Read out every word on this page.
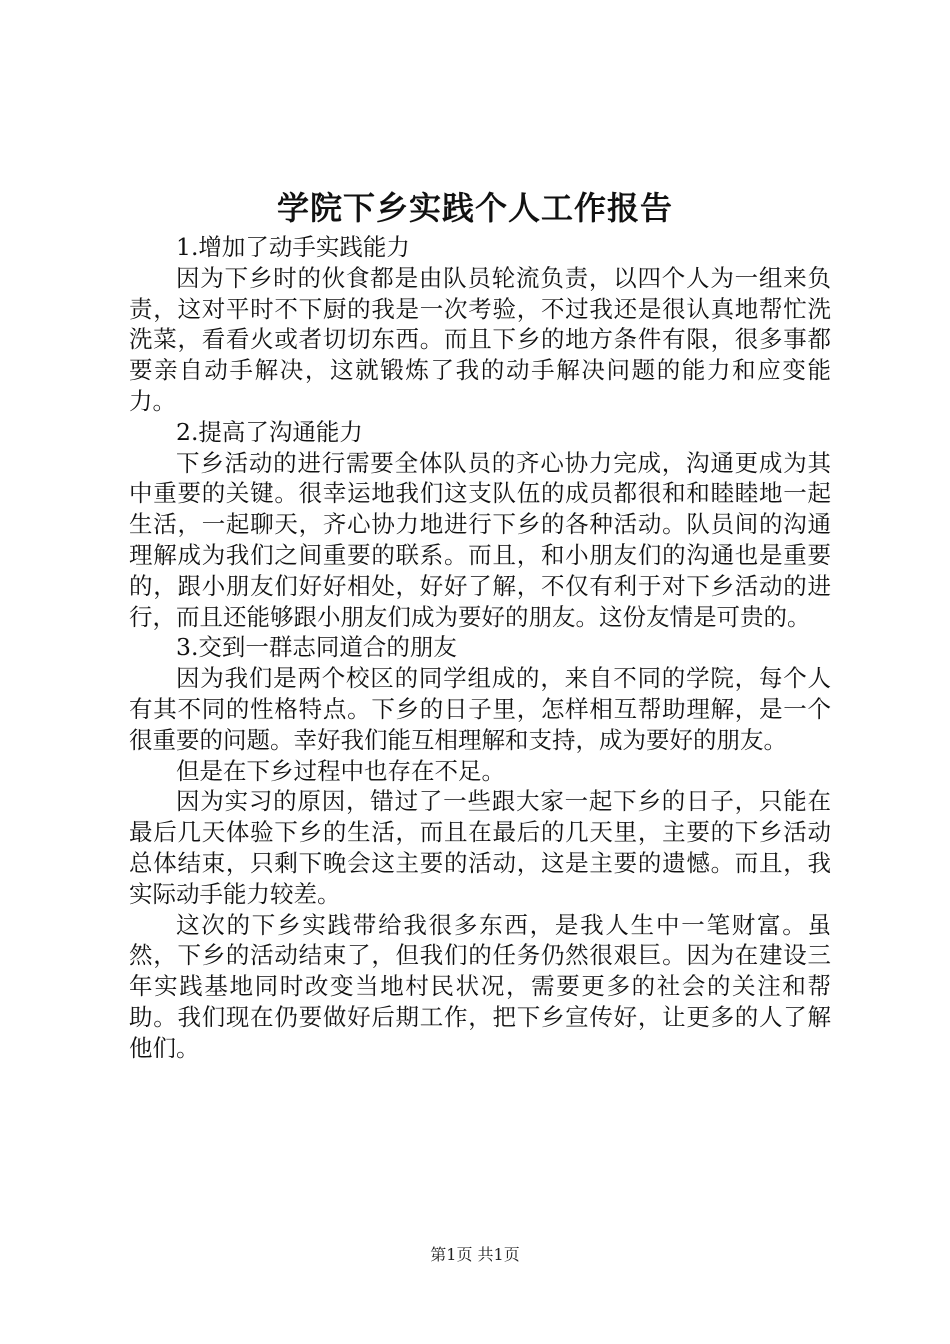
学院下乡实践个人工作报告

1.增加了动手实践能力

因为下乡时的伙食都是由队员轮流负责，以四个人为一组来负责，这对平时不下厨的我是一次考验，不过我还是很认真地帮忙洗洗菜，看看火或者切切东西。而且下乡的地方条件有限，很多事都要亲自动手解决，这就锻炼了我的动手解决问题的能力和应变能力。

2.提高了沟通能力

下乡活动的进行需要全体队员的齐心协力完成，沟通更成为其中重要的关键。很幸运地我们这支队伍的成员都很和和睦睦地一起生活，一起聊天，齐心协力地进行下乡的各种活动。队员间的沟通理解成为我们之间重要的联系。而且，和小朋友们的沟通也是重要的，跟小朋友们好好相处，好好了解，不仅有利于对下乡活动的进行，而且还能够跟小朋友们成为要好的朋友。这份友情是可贵的。

3.交到一群志同道合的朋友

因为我们是两个校区的同学组成的，来自不同的学院，每个人有其不同的性格特点。下乡的日子里，怎样相互帮助理解，是一个很重要的问题。幸好我们能互相理解和支持，成为要好的朋友。

但是在下乡过程中也存在不足。

因为实习的原因，错过了一些跟大家一起下乡的日子，只能在最后几天体验下乡的生活，而且在最后的几天里，主要的下乡活动总体结束，只剩下晚会这主要的活动，这是主要的遗憾。而且，我实际动手能力较差。

这次的下乡实践带给我很多东西，是我人生中一笔财富。虽然，下乡的活动结束了，但我们的任务仍然很艰巨。因为在建设三年实践基地同时改变当地村民状况，需要更多的社会的关注和帮助。我们现在仍要做好后期工作，把下乡宣传好，让更多的人了解他们。

第1页 共1页
